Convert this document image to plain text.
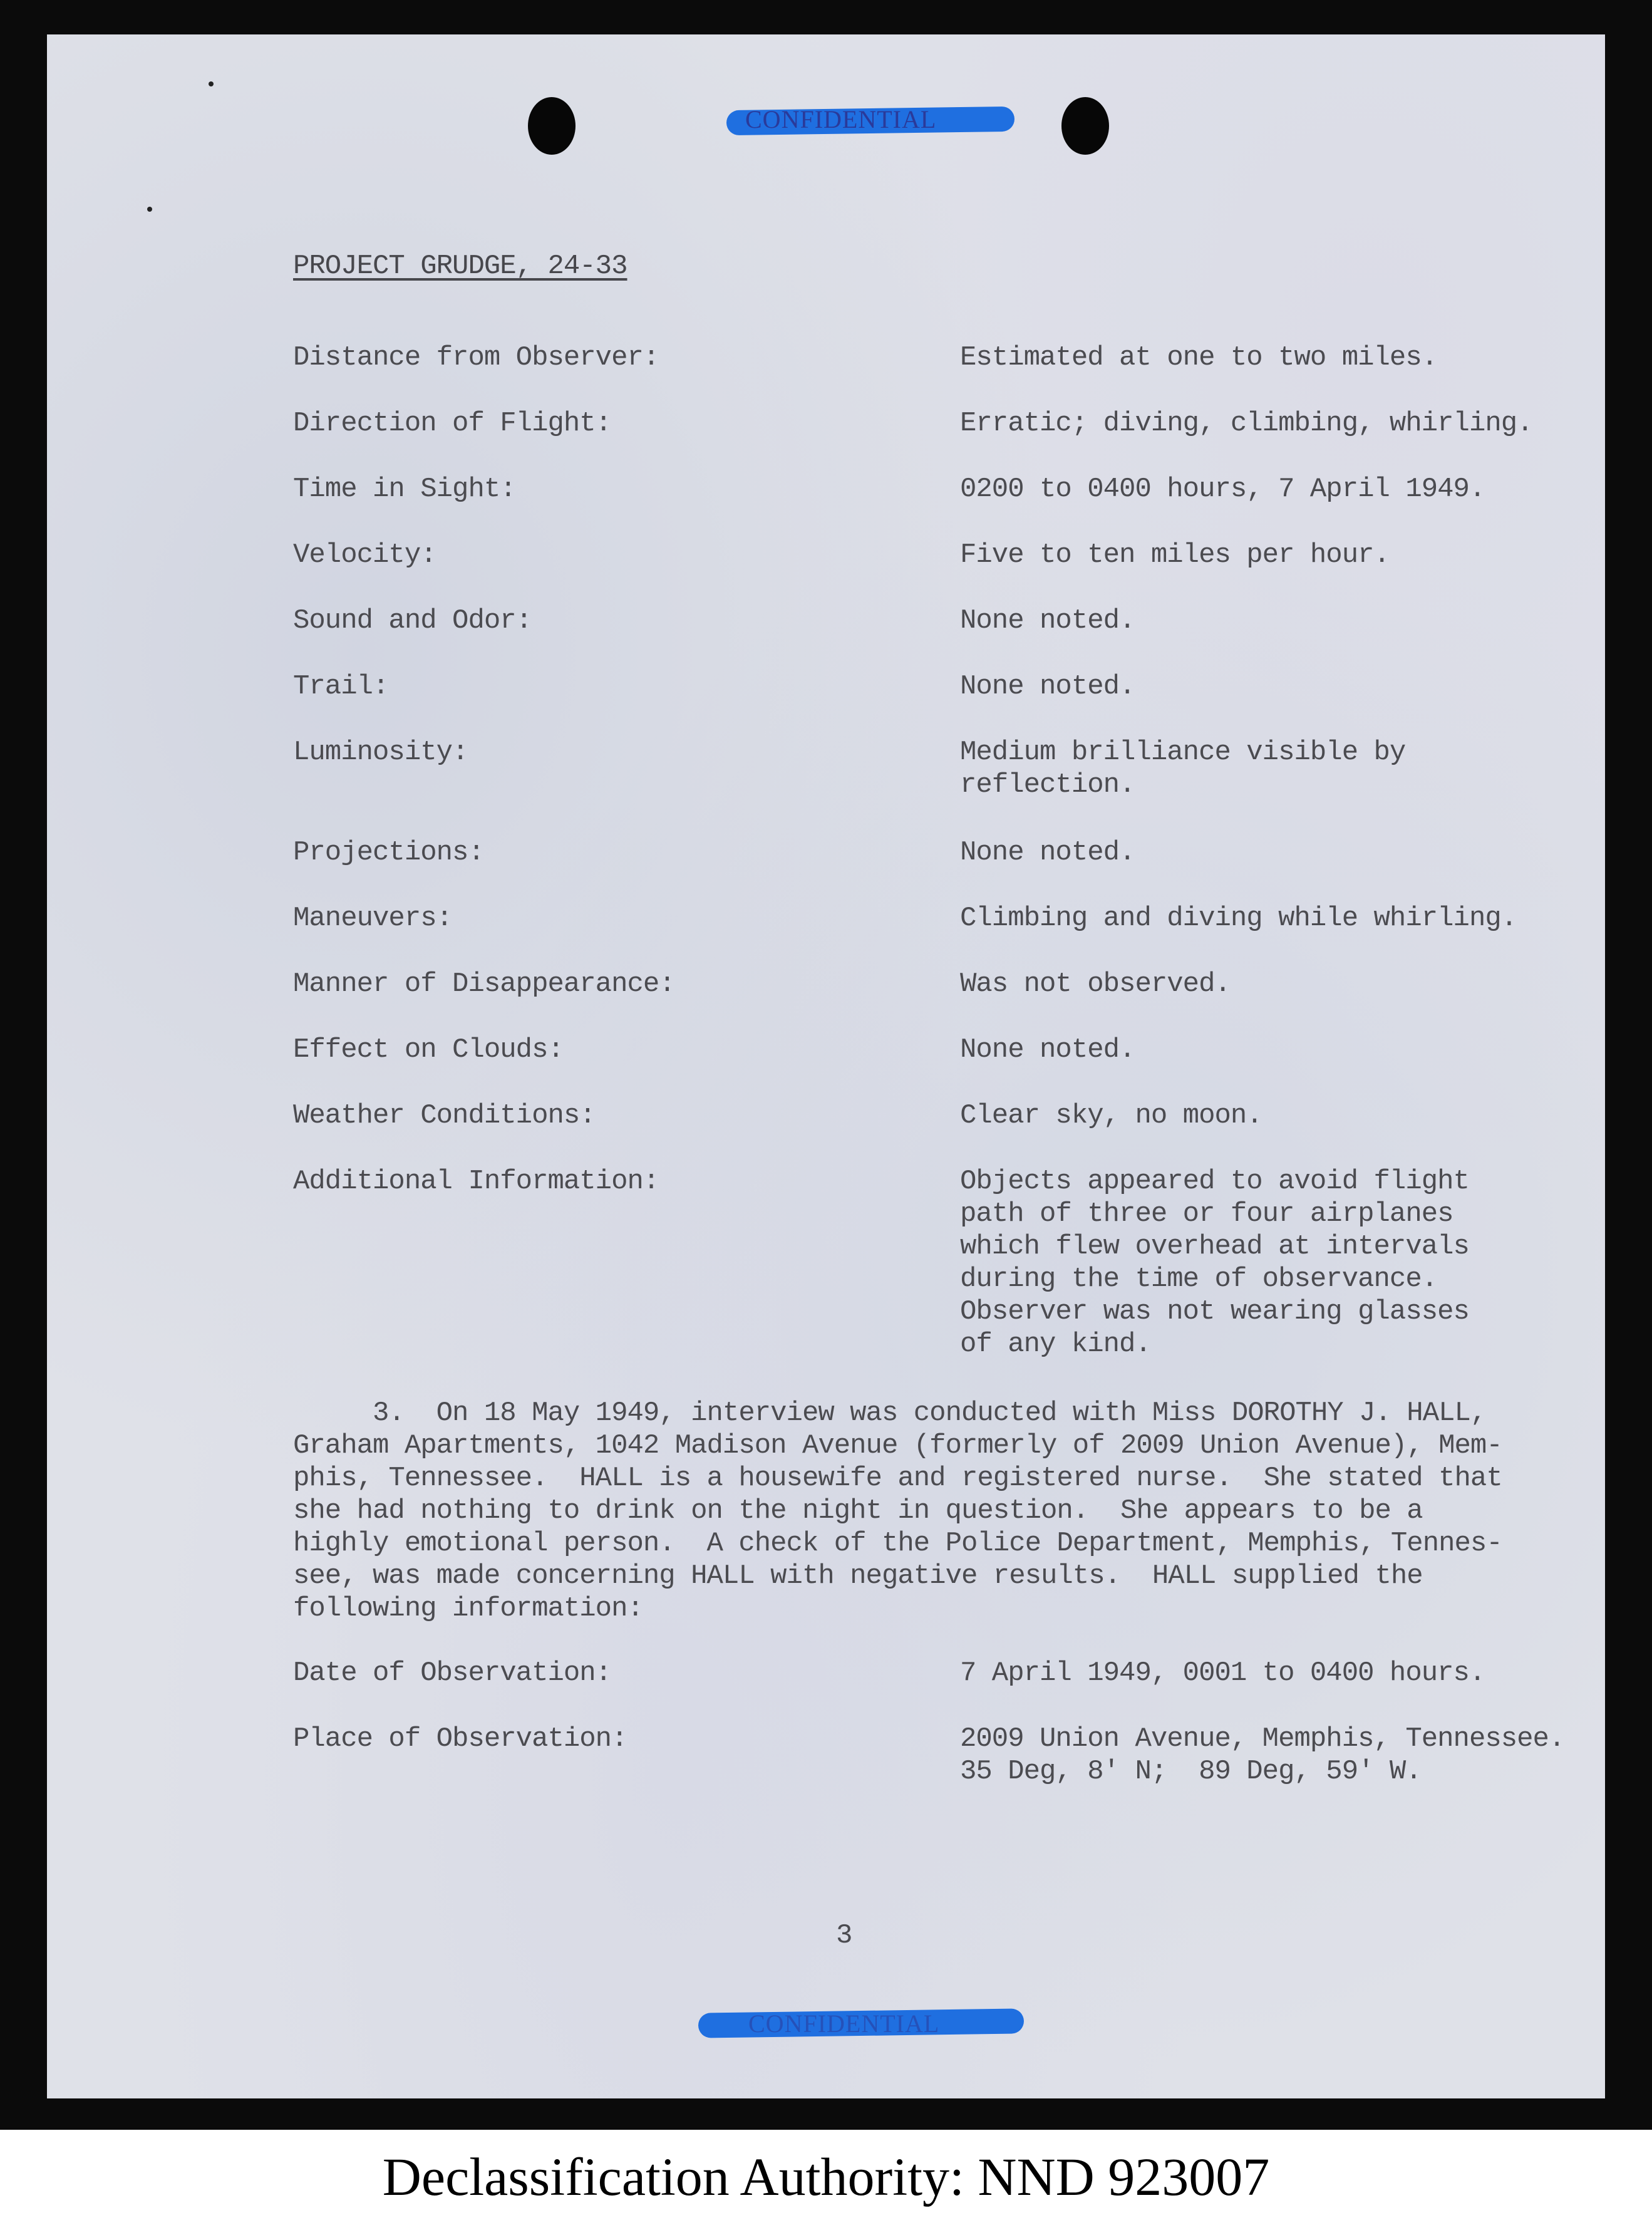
CONFIDENTIAL
PROJECT GRUDGE, 24-33
Distance from Observer:	Estimated at one to two miles.
Direction of Flight:	Erratic; diving, climbing, whirling.
Time in Sight:	0200 to 0400 hours, 7 April 1949.
Velocity:	Five to ten miles per hour.
Sound and Odor:	None noted.
Trail:	None noted.
Luminosity:	Medium brilliance visible by
reflection.
Projections:	None noted.
Maneuvers:	Climbing and diving while whirling.
Manner of Disappearance:	Was not observed.
Effect on Clouds:	None noted.
Weather Conditions:	Clear sky, no moon.
Additional Information:	Objects appeared to avoid flight
path of three or four airplanes
which flew overhead at intervals
during the time of observance.
Observer was not wearing glasses
of any kind.
3.  On 18 May 1949, interview was conducted with Miss DOROTHY J. HALL,
Graham Apartments, 1042 Madison Avenue (formerly of 2009 Union Avenue), Mem-
phis, Tennessee.  HALL is a housewife and registered nurse.  She stated that
she had nothing to drink on the night in question.  She appears to be a
highly emotional person.  A check of the Police Department, Memphis, Tennes-
see, was made concerning HALL with negative results.  HALL supplied the
following information:
Date of Observation:	7 April 1949, 0001 to 0400 hours.
Place of Observation:	2009 Union Avenue, Memphis, Tennessee.
35 Deg, 8' N;  89 Deg, 59' W.
3
CONFIDENTIAL
Declassification Authority: NND 923007
